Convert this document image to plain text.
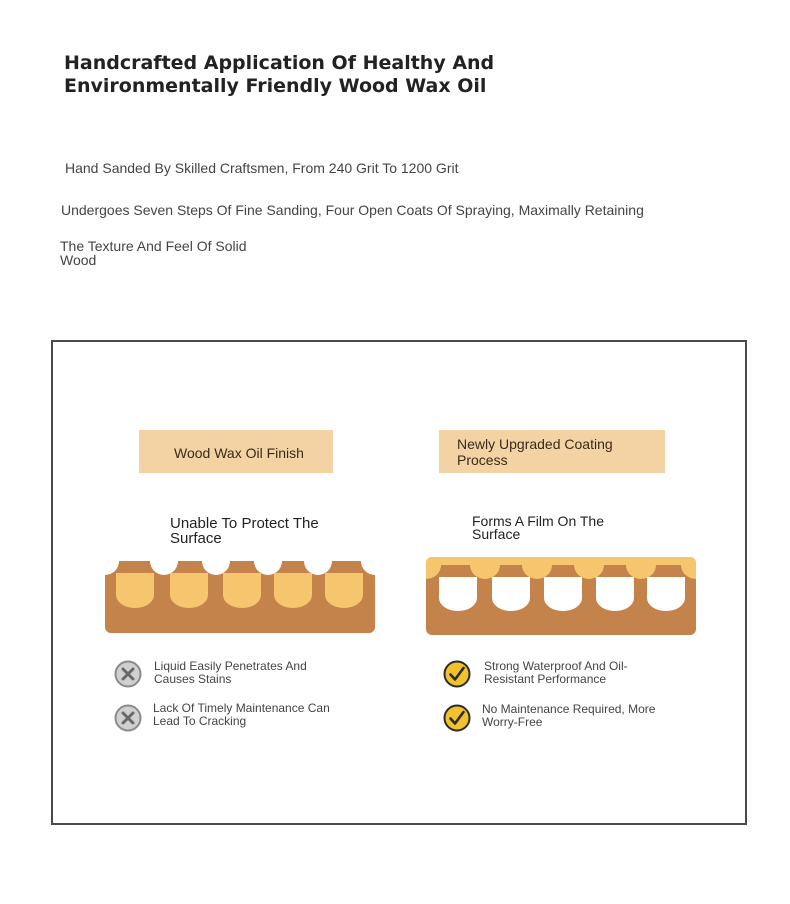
Handcrafted Application Of Healthy And Environmentally Friendly Wood Wax Oil
Hand Sanded By Skilled Craftsmen, From 240 Grit To 1200 Grit
Undergoes Seven Steps Of Fine Sanding, Four Open Coats Of Spraying, Maximally Retaining
The Texture And Feel Of Solid Wood
Wood Wax Oil Finish
Unable To Protect The Surface
Liquid Easily Penetrates And Causes Stains
Lack Of Timely Maintenance Can Lead To Cracking
Newly Upgraded Coating Process
Forms A Film On The Surface
Strong Waterproof And Oil-Resistant Performance
No Maintenance Required, More Worry-Free
